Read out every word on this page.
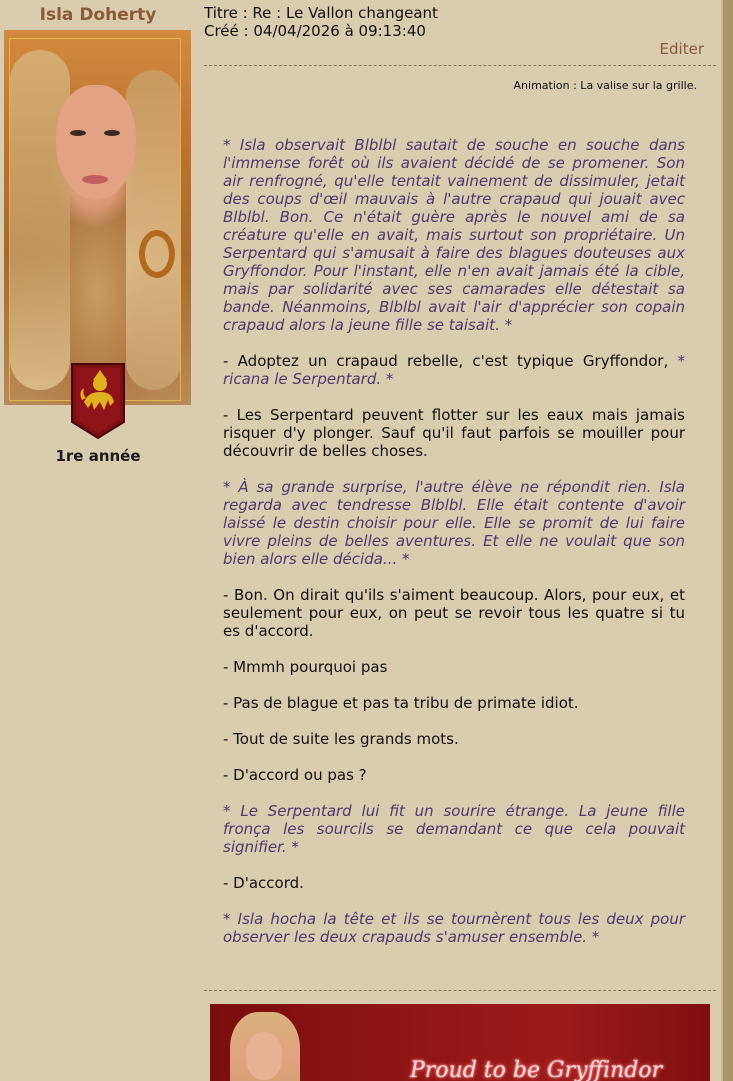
Isla Doherty
1re année
Titre : Re : Le Vallon changeant
Créé : 04/04/2026 à 09:13:40
Editer
Animation : La valise sur la grille.

* Isla observait Blblbl sautait de souche en souche dans l'immense forêt où ils avaient décidé de se promener. Son air renfrogné, qu'elle tentait vainement de dissimuler, jetait des coups d'œil mauvais à l'autre crapaud qui jouait avec Blblbl. Bon. Ce n'était guère après le nouvel ami de sa créature qu'elle en avait, mais surtout son propriétaire. Un Serpentard qui s'amusait à faire des blagues douteuses aux Gryffondor. Pour l'instant, elle n'en avait jamais été la cible, mais par solidarité avec ses camarades elle détestait sa bande. Néanmoins, Blblbl avait l'air d'apprécier son copain crapaud alors la jeune fille se taisait. *

- Adoptez un crapaud rebelle, c'est typique Gryffondor, * ricana le Serpentard. *

- Les Serpentard peuvent flotter sur les eaux mais jamais risquer d'y plonger. Sauf qu'il faut parfois se mouiller pour découvrir de belles choses.

* À sa grande surprise, l'autre élève ne répondit rien. Isla regarda avec tendresse Blblbl. Elle était contente d'avoir laissé le destin choisir pour elle. Elle se promit de lui faire vivre pleins de belles aventures. Et elle ne voulait que son bien alors elle décida... *

- Bon. On dirait qu'ils s'aiment beaucoup. Alors, pour eux, et seulement pour eux, on peut se revoir tous les quatre si tu es d'accord.

- Mmmh pourquoi pas

- Pas de blague et pas ta tribu de primate idiot.

- Tout de suite les grands mots.

- D'accord ou pas ?

* Le Serpentard lui fit un sourire étrange. La jeune fille fronça les sourcils se demandant ce que cela pouvait signifier. *

- D'accord.

* Isla hocha la tête et ils se tournèrent tous les deux pour observer les deux crapauds s'amuser ensemble. *

Proud to be Gryffindor
